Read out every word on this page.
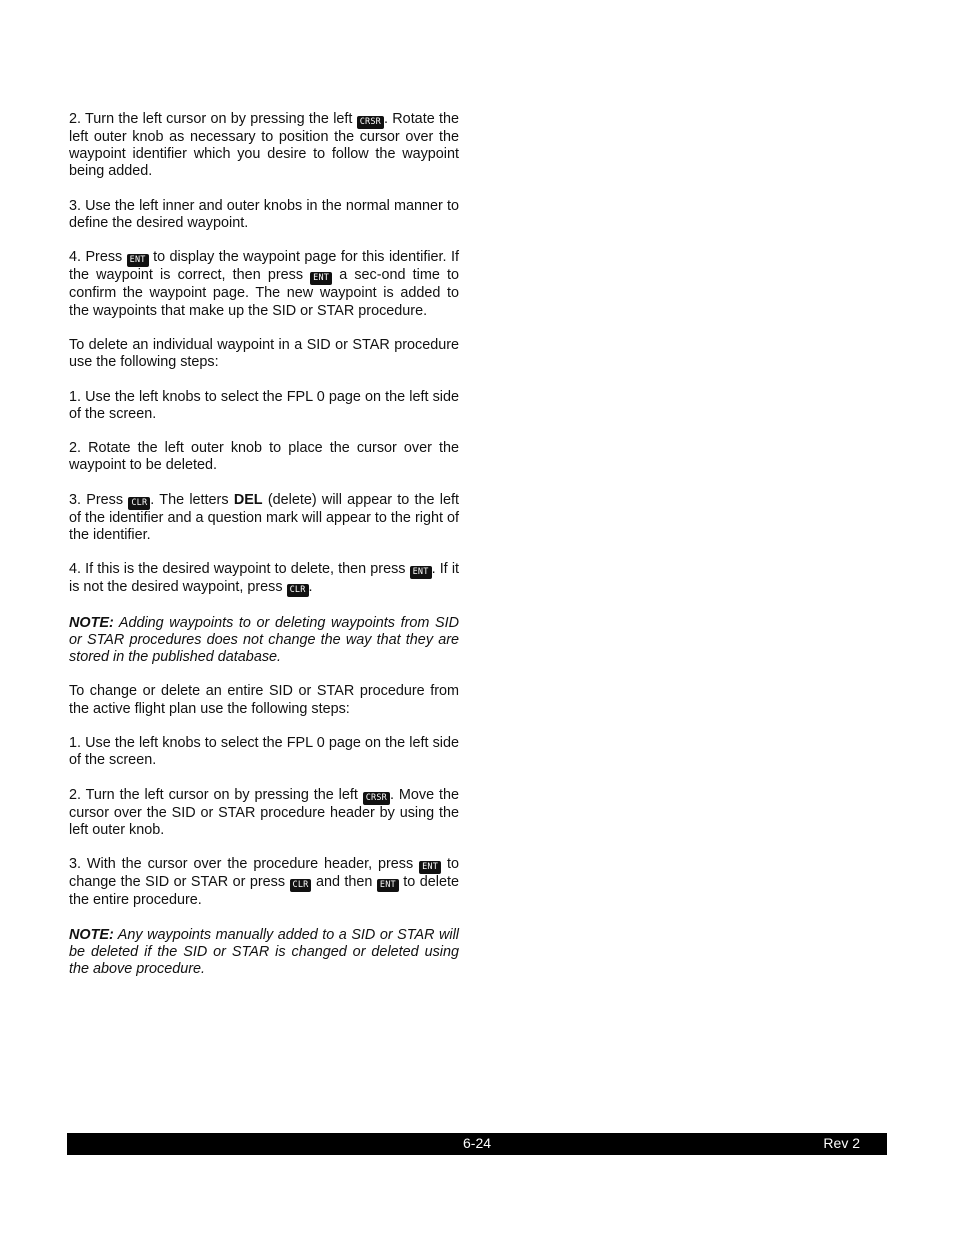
2. Turn the left cursor on by pressing the left CRSR . Rotate the left outer knob as necessary to position the cursor over the waypoint identifier which you desire to follow the waypoint being added.

3. Use the left inner and outer knobs in the normal manner to define the desired waypoint.

4. Press ENT to display the waypoint page for this identifier. If the waypoint is correct, then press ENT a sec-ond time to confirm the waypoint page. The new waypoint is added to the waypoints that make up the SID or STAR procedure.

To delete an individual waypoint in a SID or STAR procedure use the following steps:

1. Use the left knobs to select the FPL 0 page on the left side of the screen.

2. Rotate the left outer knob to place the cursor over the waypoint to be deleted.

3. Press CLR . The letters DEL (delete) will appear to the left of the identifier and a question mark will appear to the right of the identifier.

4. If this is the desired waypoint to delete, then press ENT . If it is not the desired waypoint, press CLR .

NOTE: Adding waypoints to or deleting waypoints from SID or STAR procedures does not change the way that they are stored in the published database.

To change or delete an entire SID or STAR procedure from the active flight plan use the following steps:

1. Use the left knobs to select the FPL 0 page on the left side of the screen.

2. Turn the left cursor on by pressing the left CRSR . Move the cursor over the SID or STAR procedure header by using the left outer knob.

3. With the cursor over the procedure header, press ENT to change the SID or STAR or press CLR and then ENT to delete the entire procedure.

NOTE: Any waypoints manually added to a SID or STAR will be deleted if the SID or STAR is changed or deleted using the above procedure.

6-24	Rev 2
